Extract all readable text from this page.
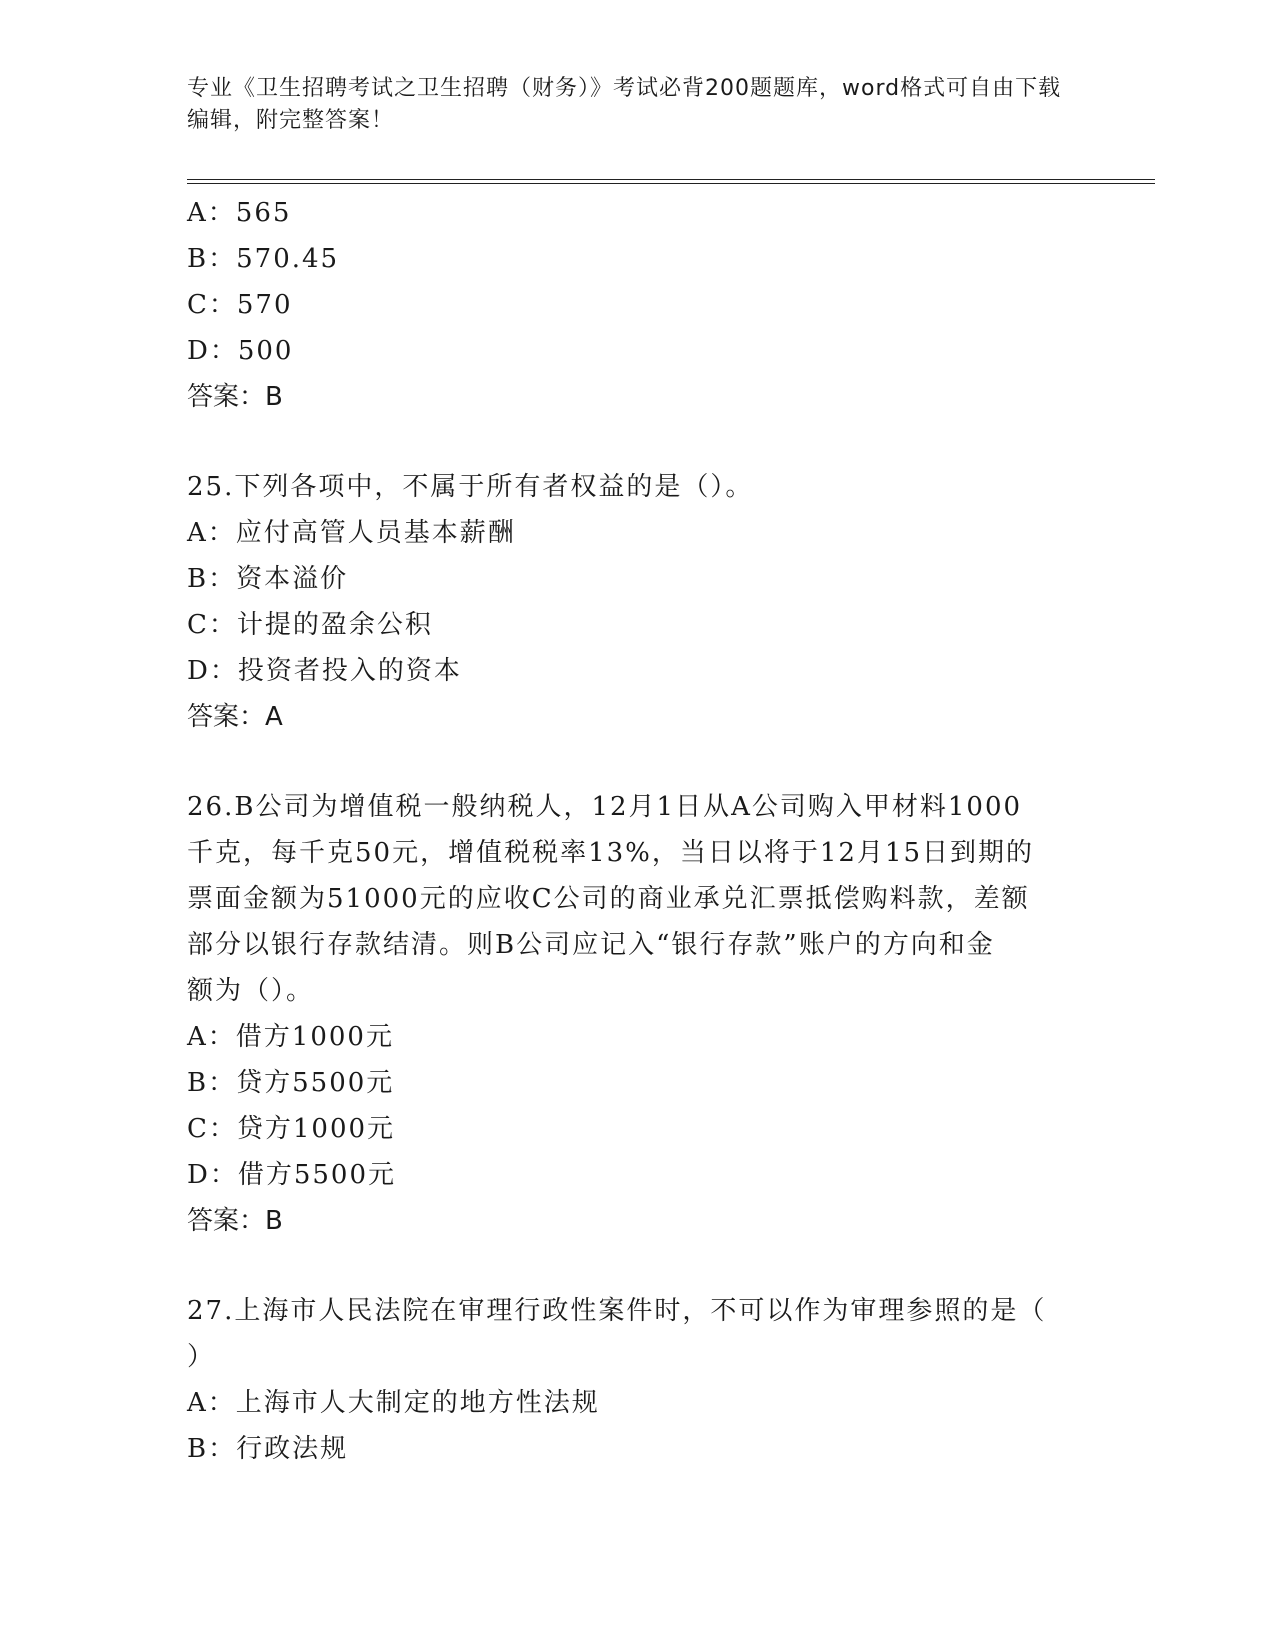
专业《卫生招聘考试之卫生招聘（财务）》考试必背200题题库，word格式可自由下载编辑，附完整答案！
A：565
B：570.45
C：570
D：500
答案：B
25.下列各项中，不属于所有者权益的是（）。
A：应付高管人员基本薪酬
B：资本溢价
C：计提的盈余公积
D：投资者投入的资本
答案：A
26.B公司为增值税一般纳税人，12月1日从A公司购入甲材料1000
千克，每千克50元，增值税税率13%，当日以将于12月15日到期的
票面金额为51000元的应收C公司的商业承兑汇票抵偿购料款，差额
部分以银行存款结清。则B公司应记入“银行存款”账户的方向和金
额为（）。
A：借方1000元
B：贷方5500元
C：贷方1000元
D：借方5500元
答案：B
27.上海市人民法院在审理行政性案件时，不可以作为审理参照的是（
）
A：上海市人大制定的地方性法规
B：行政法规
